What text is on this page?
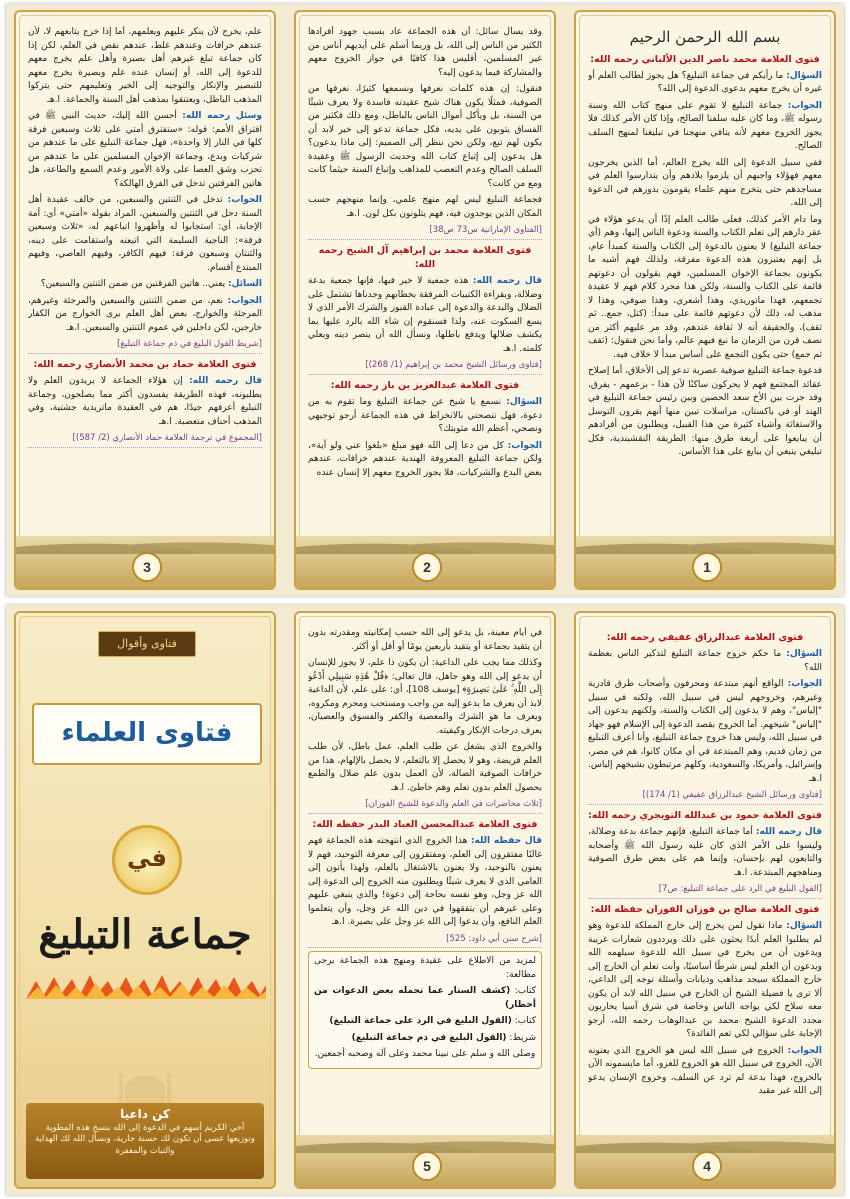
بسم الله الرحمن الرحيم
فتوى العلامة محمد ناصر الدين الألباني رحمه الله:

السؤال: ما رأيكم في جماعة التبليغ؟ هل يجوز لطالب العلم أو غيره أن يخرج معهم بدعوى الدعوة إلى الله؟

الجواب: جماعة التبليغ لا تقوم على منهج كتاب الله وسنة رسوله ﷺ، وما كان عليه سلفنا الصالح، وإذا كان الأمر كذلك فلا يجوز الخروج معهم لأنه ينافي منهجنا في تبليغنا لمنهج السلف الصالح.

ففي سبيل الدعوة إلى الله يخرج العالم، أما الذين يخرجون معهم فهؤلاء واجبهم أن يلزموا بلادهم وأن يتدارسوا العلم في مساجدهم حتى يتخرج منهم علماء يقومون بدورهم في الدعوة إلى الله.

وما دام الأمر كذلك، فعلى طالب العلم إذًا أن يدعو هؤلاء في عقر دارهم إلى تعلم الكتاب والسنة ودعوة الناس إليها، وهم (أي جماعة التبليغ) لا يعنون بالدعوة إلى الكتاب والسنة كمبدأ عام، بل إنهم يعتبرون هذه الدعوة مفرقة، ولذلك فهم أشبه ما يكونون بجماعة الإخوان المسلمين، فهم يقولون أن دعوتهم قائمة على الكتاب والسنة، ولكن هذا مجرد كلام فهم لا عقيدة تجمعهم، فهذا ماتوريدي، وهذا أشعري، وهذا صوفي، وهذا لا مذهب له، ذلك لأن دعوتهم قائمة على مبدأ: (كتل، جمع.. ثم ثقف)، والحقيقة أنه لا ثقافة عندهم، وقد مر عليهم أكثر من نصف قرن من الزمان ما نبغ فيهم عالم، وأما نحن فنقول: (ثقف ثم جمع) حتى يكون التجمع على أساس مبدأ لا خلاف فيه.

فدعوة جماعة التبليغ صوفية عصرية تدعو إلى الأخلاق، أما إصلاح عقائد المجتمع فهم لا يحركون ساكنًا لأن هذا - بزعمهم - يفرق، وقد جرت بين الأخ سعد الحصين وبين رئيس جماعة التبليغ في الهند أو في باكستان، مراسلات تبين منها أنهم يقرون التوسل والاستغاثة وأشياء كثيرة من هذا القبيل، ويطلبون من أفرادهم أن يبايعوا على أربعة طرق منها: الطريقة النقشبندية، فكل تبليغي ينبغي أن يبايع على هذا الأساس.

1

وقد يسأل سائل: أن هذه الجماعة عاد بسبب جهود أفرادها الكثير من الناس إلى الله، بل وربما أسلم على أيديهم أناس من غير المسلمين، أفليس هذا كافيًا في جواز الخروج معهم والمشاركة فيما يدعون إليه؟

فنقول: إن هذه كلمات نعرفها ونسمعها كثيرًا، نعرفها من الصوفية، فمثلًا يكون هناك شيخ عقيدته فاسدة ولا يعرف شيئًا من السنة، بل ويأكل أموال الناس بالباطل، ومع ذلك فكثير من الفساق يتوبون على يديه، فكل جماعة تدعو إلى خير لابد أن يكون لهم تبع، ولكن نحن ننظر إلى الصميم: إلى ماذا يدعون؟ هل يدعون إلى إتباع كتاب الله وحديث الرسول ﷺ وعقيدة السلف الصالح وعدم التعصب للمذاهب وإتباع السنة حيثما كانت ومع من كانت؟

فجماعة التبليغ ليس لهم منهج علمي، وإنما منهجهم حسب المكان الذين يوجدون فيه، فهم يتلونون بكل لون. ا.هـ

[الفتاوى الإماراتية س73 ص38]
فتوى العلامة محمد بن إبراهيم آل الشيخ رحمه الله:

قال رحمه الله: هذه جمعية لا خير فيها، فإنها جمعية بدعة وضلالة، وبقراءة الكتيبات المرفقة بخطابهم وجدناها تشتمل على الضلال والبدعة والدعوة إلى عبادة القبور والشرك الأمر الذي لا يسع السكوت عنه، ولذا فسنقوم إن شاء الله بالرد عليها بما يكشف ضلالها ويدفع باطلها، ونسأل الله أن ينصر دينه ويعلي كلمته. ا.هـ

[فتاوى ورسائل الشيخ محمد بن إبراهيم (1/ 268)]
فتوى العلامة عبدالعزيز بن باز رحمه الله:

السؤال: نسمع يا شيخ عن جماعة التبليغ وما تقوم به من دعوة، فهل تنصحني بالانخراط في هذه الجماعة أرجو توجيهي ونصحي، أعظم الله مثوبتك؟

الجواب: كل من دعا إلى الله فهو مبلغ «بلغوا عني ولو آية»، ولكن جماعة التبليغ المعروفة الهندية عندهم خرافات، عندهم بعض البدع والشركيات، فلا يجوز الخروج معهم إلا إنسان عنده

2

علم، يخرج لأن ينكر عليهم ويعلمهم، أما إذا خرج يتابعهم لا، لأن عندهم خرافات وعندهم غلط، عندهم نقص في العلم، لكن إذا كان جماعة تبلغ غيرهم أهل بصيرة وأهل علم يخرج معهم للدعوة إلى الله، أو إنسان عنده علم وبصيرة يخرج معهم للتبصير والإنكار والتوجيه إلى الخير وتعليمهم حتى يتركوا المذهب الباطل، ويعتنقوا بمذهب أهل السنة والجماعة. ا.هـ

وسئل رحمه الله: أحسن الله إليك، حديث النبي ﷺ في افتراق الأمم: قوله: «ستفترق أمتي على ثلاث وسبعين فرقة كلها في النار إلا واحدة»، فهل جماعة التبليغ على ما عندهم من شركيات وبدع، وجماعة الإخوان المسلمين على ما عندهم من تحزب وشق العصا على ولاة الأمور وعدم السمع والطاعة، هل هاتين الفرقتين تدخل في الفرق الهالكة؟

الجواب: تدخل في الثنتين والسبعين، من خالف عقيدة أهل السنة دخل في الثنتين والسبعين، المراد بقوله «أمتي» أي: أمة الإجابة، أي: استجابوا له وأظهروا اتباعهم له، «ثلاث وسبعين فرقة»: الناجية السليمة التي اتبعته واستقامت على دينه، والثنتان وسبعون فرقة: فيهم الكافر، وفيهم العاصي، وفيهم المبتدع أقسام.

السائل: يعني.. هاتين الفرقتين من ضمن الثنتين والسبعين؟

الجواب: نعم، من ضمن الثنتين والسبعين والمرجئة وغيرهم، المرجئة والخوارج، بعض أهل العلم يرى الخوارج من الكفار خارجين، لكن داخلين في عموم الثنتين والسبعين. ا.هـ

[شريط القول البليغ في ذم جماعة التبليغ]
فتوى العلامة حماد بن محمد الأنصاري رحمه الله:

قال رحمه الله: إن هؤلاء الجماعة لا يريدون العلم ولا يطلبونه، فهذه الطريقة يفسدون أكثر مما يصلحون، وجماعة التبليغ أعرفهم جيدًا، هم في العقيدة ماتريدية جشتية، وفي المذهب أحناف متعصبة. ا.هـ

[المجموع في ترجمة العلامة حماد الأنصاري (2/ 587)]
3
فتوى العلامة عبدالرزاق عفيفي رحمه الله:

السؤال: ما حكم خروج جماعة التبليغ لتذكير الناس بعظمة الله؟

الجواب: الواقع أنهم مبتدعة ومحرفون وأصحاب طرق قادرية وغيرهم، وخروجهم ليس في سبيل الله، ولكنه في سبيل "إلياس"، وهم لا يدعون إلى الكتاب والسنة، ولكنهم يدعون إلى "إلياس" شيخهم. أما الخروج بقصد الدعوة إلى الإسلام فهو جهاد في سبيل الله، وليس هذا خروج جماعة التبليغ، وأنا أعرف التبليغ من زمان قديم، وهم المبتدعة في أي مكان كانوا، هم في مصر، وإسرائيل، وأمريكا، والسعودية، وكلهم مرتبطون بشيخهم إلياس. ا.هـ

[فتاوى ورسائل الشيخ عبدالرزاق عفيفي (1/ 174)]
فتوى العلامة حمود بن عبدالله التويجري رحمه الله:

قال رحمه الله: أما جماعة التبليغ، فإنهم جماعة بدعة وضلالة، وليسوا على الأمر الذي كان عليه رسول الله ﷺ وأصحابه والتابعون لهم بإحسان، وإنما هم على بعض طرق الصوفية ومناهجهم المبتدعة. ا.هـ

[القول البليغ في الرد على جماعة التبليغ: ص7]
فتوى العلامة صالح بن فوزان الفوزان حفظه الله:

السؤال: ماذا تقول لمن يخرج إلى خارج المملكة للدعوة وهو لم يطلبوا العلم أبدًا يحثون على ذلك ويرددون شعارات غريبة ويدعون أن من يخرج في سبيل الله للدعوة سيلهمه الله ويدعون أن العلم ليس شرطًا أساسيًا، وأنت تعلم أن الخارج إلى خارج المملكة سيجد مذاهب وديانات وأسئلة توجه إلى الداعي، ألا ترى يا فضيلة الشيخ أن الخارج في سبيل الله لابد أن يكون معه سلاح لكي يواجه الناس وخاصة في شرق آسيا يحاربون مجدد الدعوة الشيخ محمد بن عبدالوهاب رحمه الله، أرجو الإجابة على سؤالي لكي تعم الفائدة؟

الجواب: الخروج في سبيل الله ليس هو الخروج الذي يعنونه الآن، الخروج في سبيل الله هو الخروج للغزو، أما مايسمونه الآن بالخروج، فهذا بدعة لم ترد عن السلف، وخروج الإنسان يدعو إلى الله غير مقيد

4

في أيام معينة، بل يدعو إلى الله حسب إمكانيته ومقدرته بدون أن يتقيد بجماعة أو يتقيد بأربعين يومًا أو أقل أو أكثر.

وكذلك مما يجب على الداعية: أن يكون ذا علم، لا يجوز للإنسان أن يدعو إلى الله وهو جاهل، قال تعالى: ﴿قُلْ هَٰذِهِ سَبِيلِي أَدْعُو إِلَى اللَّهِ ۚ عَلَىٰ بَصِيرَةٍ﴾ [يوسف 108]، أي: على علم، لأن الداعية لابد أن يعرف ما يدعو إليه من واجب ومستحب ومحرم ومكروه، ويعرف ما هو الشرك والمعصية والكفر والفسوق والعصيان، يعرف درجات الإنكار وكيفيته.

والخروج الذي يشغل عن طلب العلم، عمل باطل، لأن طلب العلم فريضة، وهو لا يحصل إلا بالتعلم، لا يحصل بالإلهام، هذا من خرافات الصوفية الضالة، لأن العمل بدون علم ضلال والطمع بحصول العلم بدون تعلم وهم خاطئ. ا.هـ

[ثلاث محاضرات في العلم والدعوة للشيخ الفوزان]
فتوى العلامة عبدالمحسن العباد البدر حفظه الله:

قال حفظه الله: هذا الخروج الذي انتهجته هذه الجماعة فهم غالبًا مفتقرون إلى العلم، ومفتقرون إلى معرفة التوحيد، فهم لا يعنون بالتوحيد، ولا يعنون بالاشتغال بالعلم، ولهذا يأتون إلى العامي الذي لا يعرف شيئًا ويطلبون منه الخروج إلى الدعوة إلى الله عز وجل، وهو نفسه بحاجة إلى دعوة! والذي ينبغي عليهم وعلى غيرهم أن يتفقهوا في دين الله عز وجل، وأن يتعلموا العلم النافع، وأن يدعوا إلى الله عز وجل على بصيرة. ا.هـ

[شرح سنن أبي داود: 525]

لمزيد من الاطلاع على عقيدة ومنهج هذه الجماعة يرجى مطالعة:

كتاب: (كشف الستار عما تحمله بعض الدعوات من أخطار)

كتاب: (القول البليغ في الرد على جماعة التبليغ)

شريط: (القول البليغ في ذم جماعة التبليغ)

وصلى الله و سلم على نبينا محمد وعلى آله وصحبه أجمعين.

5
فتاوى وأقوال
فتاوى العلماء
في
جماعة التبليغ
كن داعيا
أخي الكريم أسهم في الدعوة إلى الله بنسخ هذه المطوية وتوزيعها عسى أن تكون لك حسنة جارية، ونسأل الله لك الهداية والثبات والمغفرة
